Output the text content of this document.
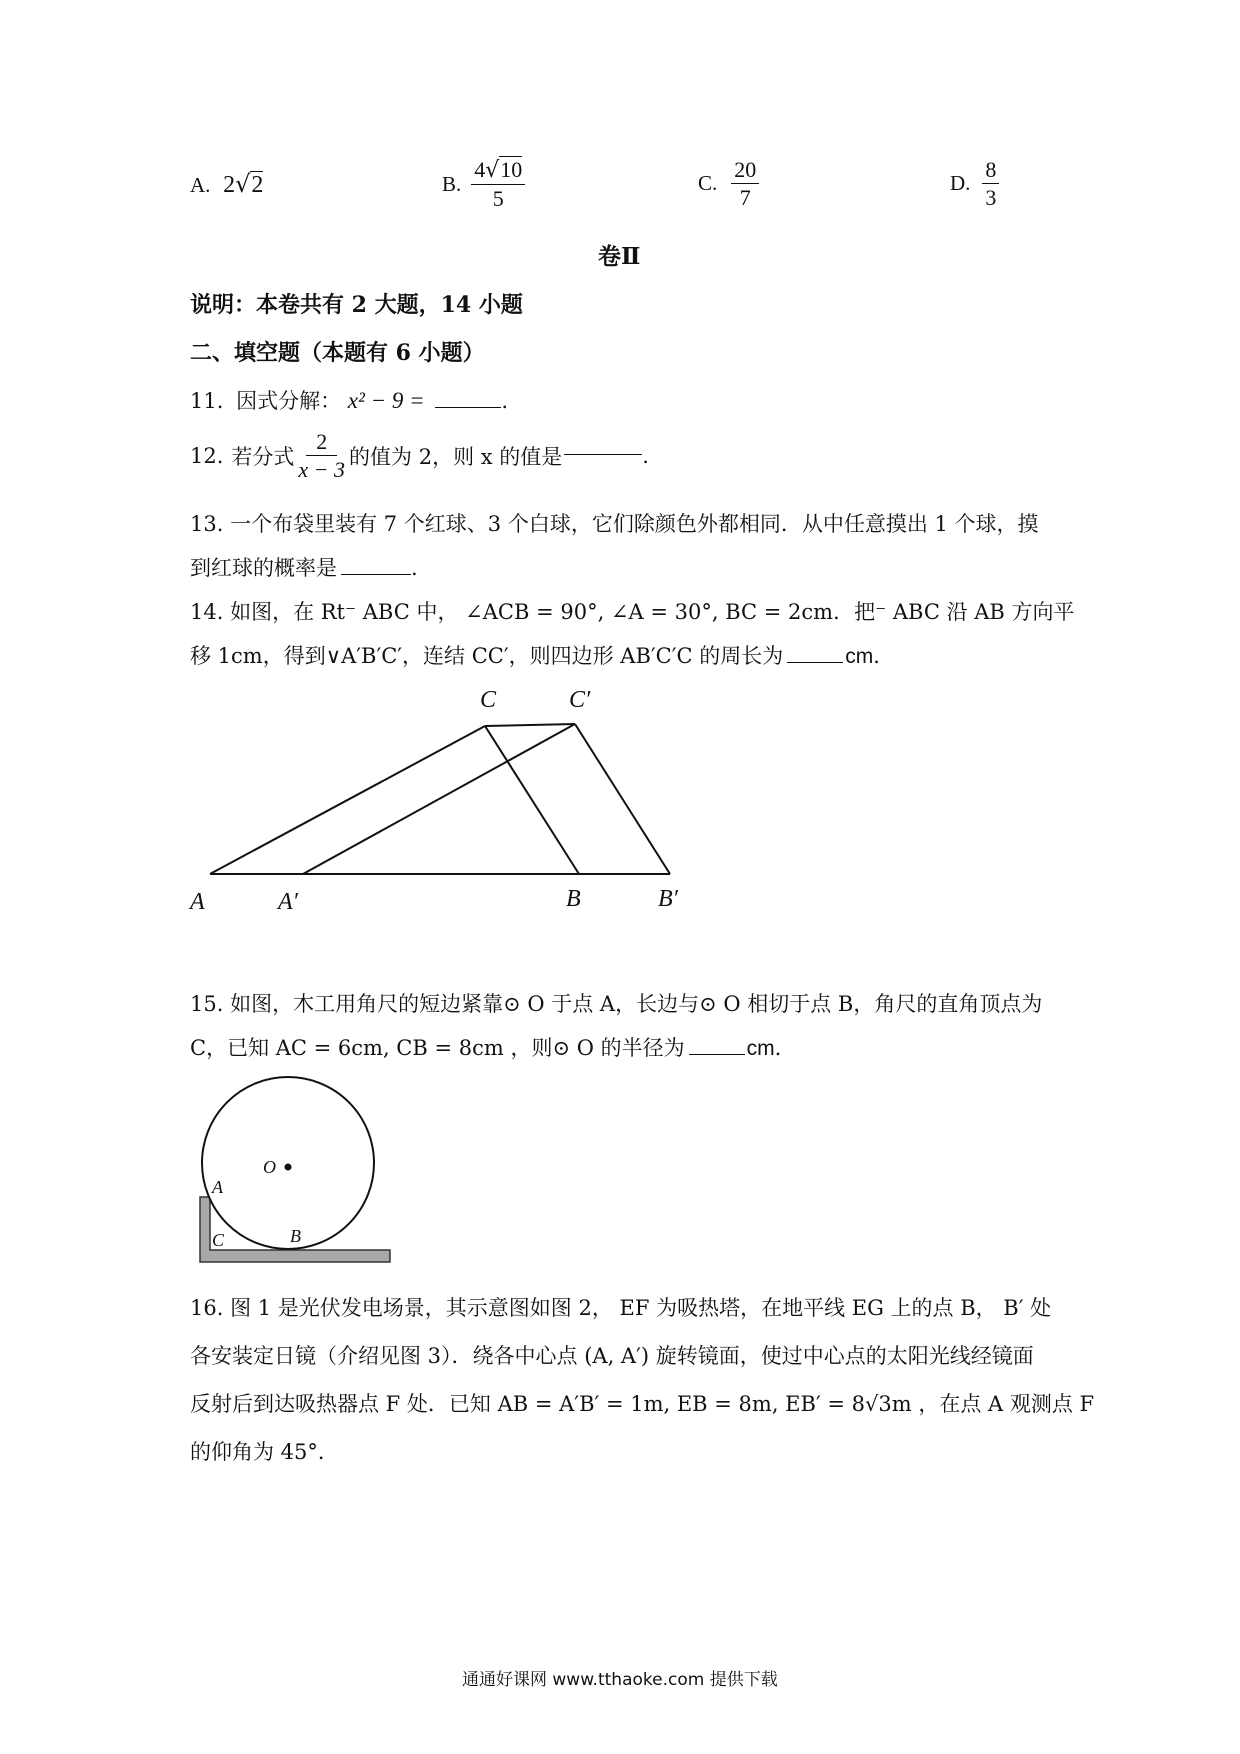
A. 2√2	B. $\frac{4√10}{5}$	C. $\frac{20}{7}$	D. $\frac{8}{3}$
卷Ⅱ
说明：本卷共有 2 大题，14 小题
二、填空题（本题有 6 小题）
11. 因式分解： x² − 9 =	.
12. 若分式 $\frac{2}{x - 3}$ 的值为 2，则 x 的值是	.
13. 一个布袋里装有 7 个红球、3 个白球，它们除颜色外都相同．从中任意摸出 1 个球，摸
到红球的概率是	.
14. 如图，在 Rt⁻ ABC 中， ∠ACB = 90°, ∠A = 30°, BC = 2cm．把⁻ ABC 沿 AB 方向平
移 1cm，得到∨A′B′C′，连结 CC′，则四边形 AB′C′C 的周长为	cm.
C	C′
A	A′	B	B′
15. 如图，木工用角尺的短边紧靠⊙ O 于点 A，长边与⊙ O 相切于点 B，角尺的直角顶点为
C，已知 AC = 6cm, CB = 8cm ，则⊙ O 的半径为	cm.
O
A
C	B
16. 图 1 是光伏发电场景，其示意图如图 2， EF 为吸热塔，在地平线 EG 上的点 B， B′ 处
各安装定日镜（介绍见图 3）．绕各中心点 (A, A′) 旋转镜面，使过中心点的太阳光线经镜面
反射后到达吸热器点 F 处．已知 AB = A′B′ = 1m, EB = 8m, EB′ = 8√3m ，在点 A 观测点 F
的仰角为 45°．
通通好课网 www.tthaoke.com 提供下载
